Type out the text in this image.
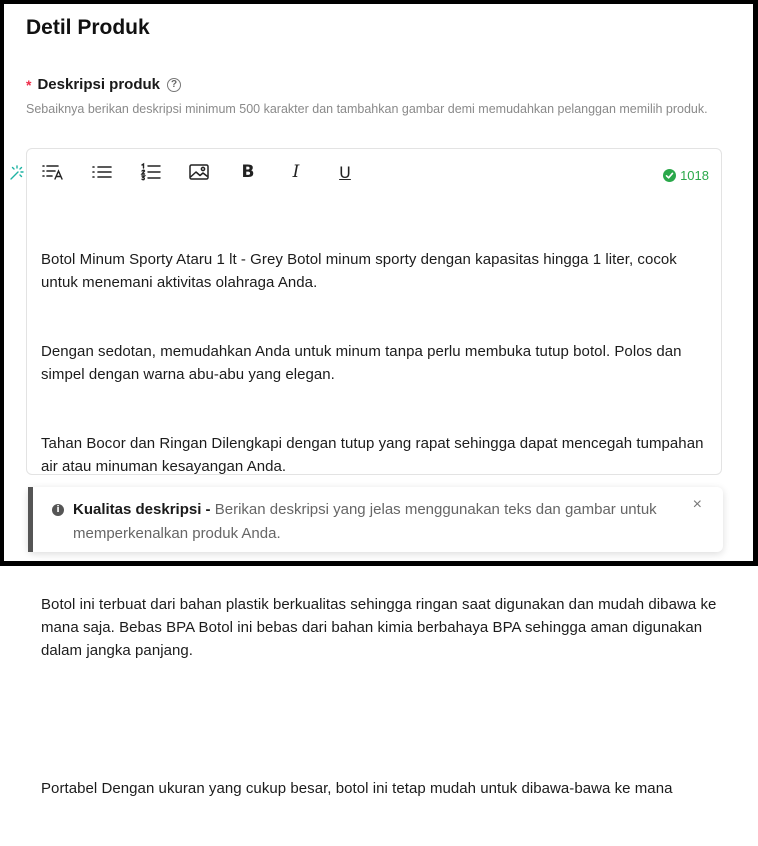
Detil Produk
* Deskripsi produk	?
Sebaiknya berikan deskripsi minimum 500 karakter dan tambahkan gambar demi memudahkan pelanggan memilih produk.
B	I	U	1018

Botol Minum Sporty Ataru 1 lt - Grey Botol minum sporty dengan kapasitas hingga 1 liter, cocok untuk menemani aktivitas olahraga Anda.

Dengan sedotan, memudahkan Anda untuk minum tanpa perlu membuka tutup botol. Polos dan simpel dengan warna abu-abu yang elegan.

Tahan Bocor dan Ringan Dilengkapi dengan tutup yang rapat sehingga dapat mencegah tumpahan air atau minuman kesayangan Anda.

Botol ini terbuat dari bahan plastik berkualitas sehingga ringan saat digunakan dan mudah dibawa ke mana saja. Bebas BPA Botol ini bebas dari bahan kimia berbahaya BPA sehingga aman digunakan dalam jangka panjang.

Portabel Dengan ukuran yang cukup besar, botol ini tetap mudah untuk dibawa-bawa ke mana

i Kualitas deskripsi - Berikan deskripsi yang jelas menggunakan teks dan gambar untuk memperkenalkan produk Anda.
×
